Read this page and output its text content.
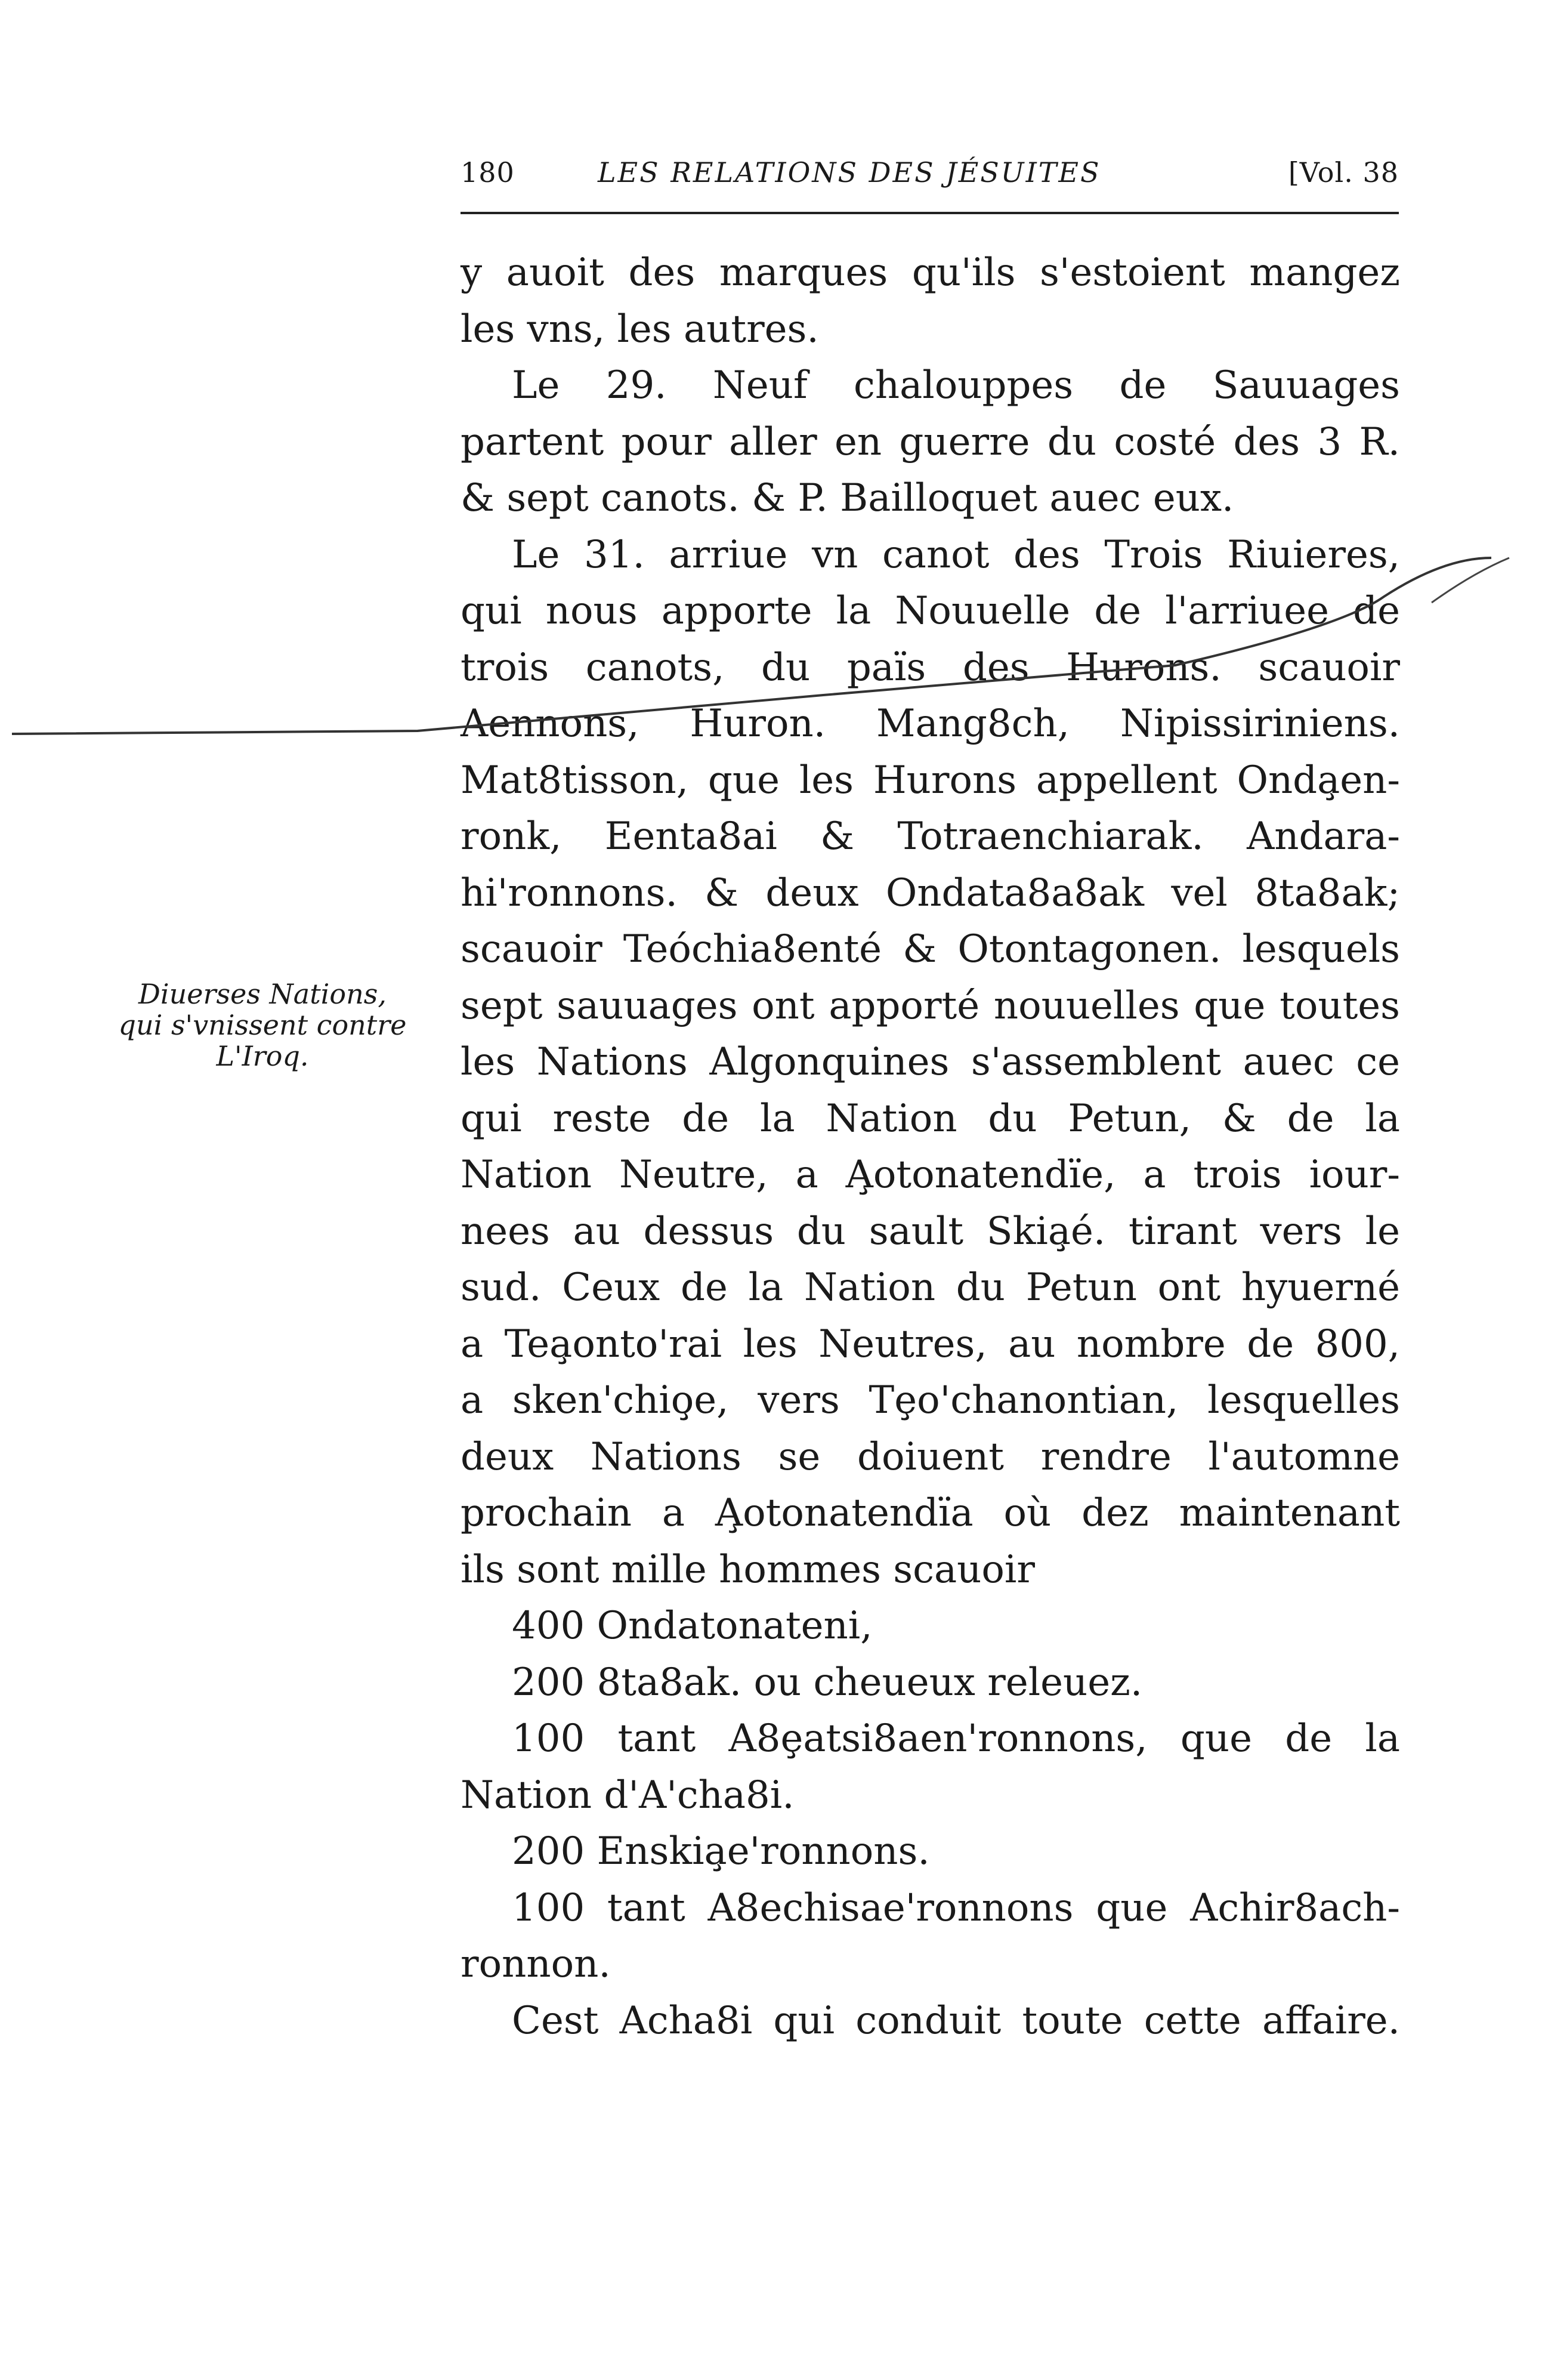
180	LES RELATIONS DES JÉSUITES	[Vol. 38
Diuerses Nations,
qui s'vnissent contre
L'Iroq.
y auoit des marques qu'ils s'estoient mangez
les vns, les autres.
Le 29. Neuf chalouppes de Sauuages
partent pour aller en guerre du costé des 3 R.
& sept canots. & P. Bailloquet auec eux.
Le 31. arriue vn canot des Trois Riuieres,
qui nous apporte la Nouuelle de l'arriuee de
trois canots, du païs des Hurons. scauoir
Aennons, Huron. Mang8ch, Nipissiriniens.
Mat8tisson, que les Hurons appellent Onda̧en-
ronk, Eenta8ai & Totraenchiarak. Andara-
hi'ronnons. & deux Ondata8a8ak vel 8ta8ak;
scauoir Teóchia8enté & Otontagonen. lesquels
sept sauuages ont apporté nouuelles que toutes
les Nations Algonquines s'assemblent auec ce
qui reste de la Nation du Petun, & de la
Nation Neutre, a A̧otonatendïe, a trois iour-
nees au dessus du sault Skia̧é. tirant vers le
sud. Ceux de la Nation du Petun ont hyuerné
a Tea̧onto'rai les Neutres, au nombre de 800,
a sken'chio̧e, vers Tȩo'chanontian, lesquelles
deux Nations se doiuent rendre l'automne
prochain a A̧otonatendïa où dez maintenant
ils sont mille hommes scauoir
400 Ondatonateni,
200 8ta8ak. ou cheueux releuez.
100 tant A8ȩatsi8aen'ronnons, que de la
Nation d'A'cha8i.
200 Enskia̧e'ronnons.
100 tant A8echisae'ronnons que Achir8ach-
ronnon.
Cest Acha8i qui conduit toute cette affaire.
